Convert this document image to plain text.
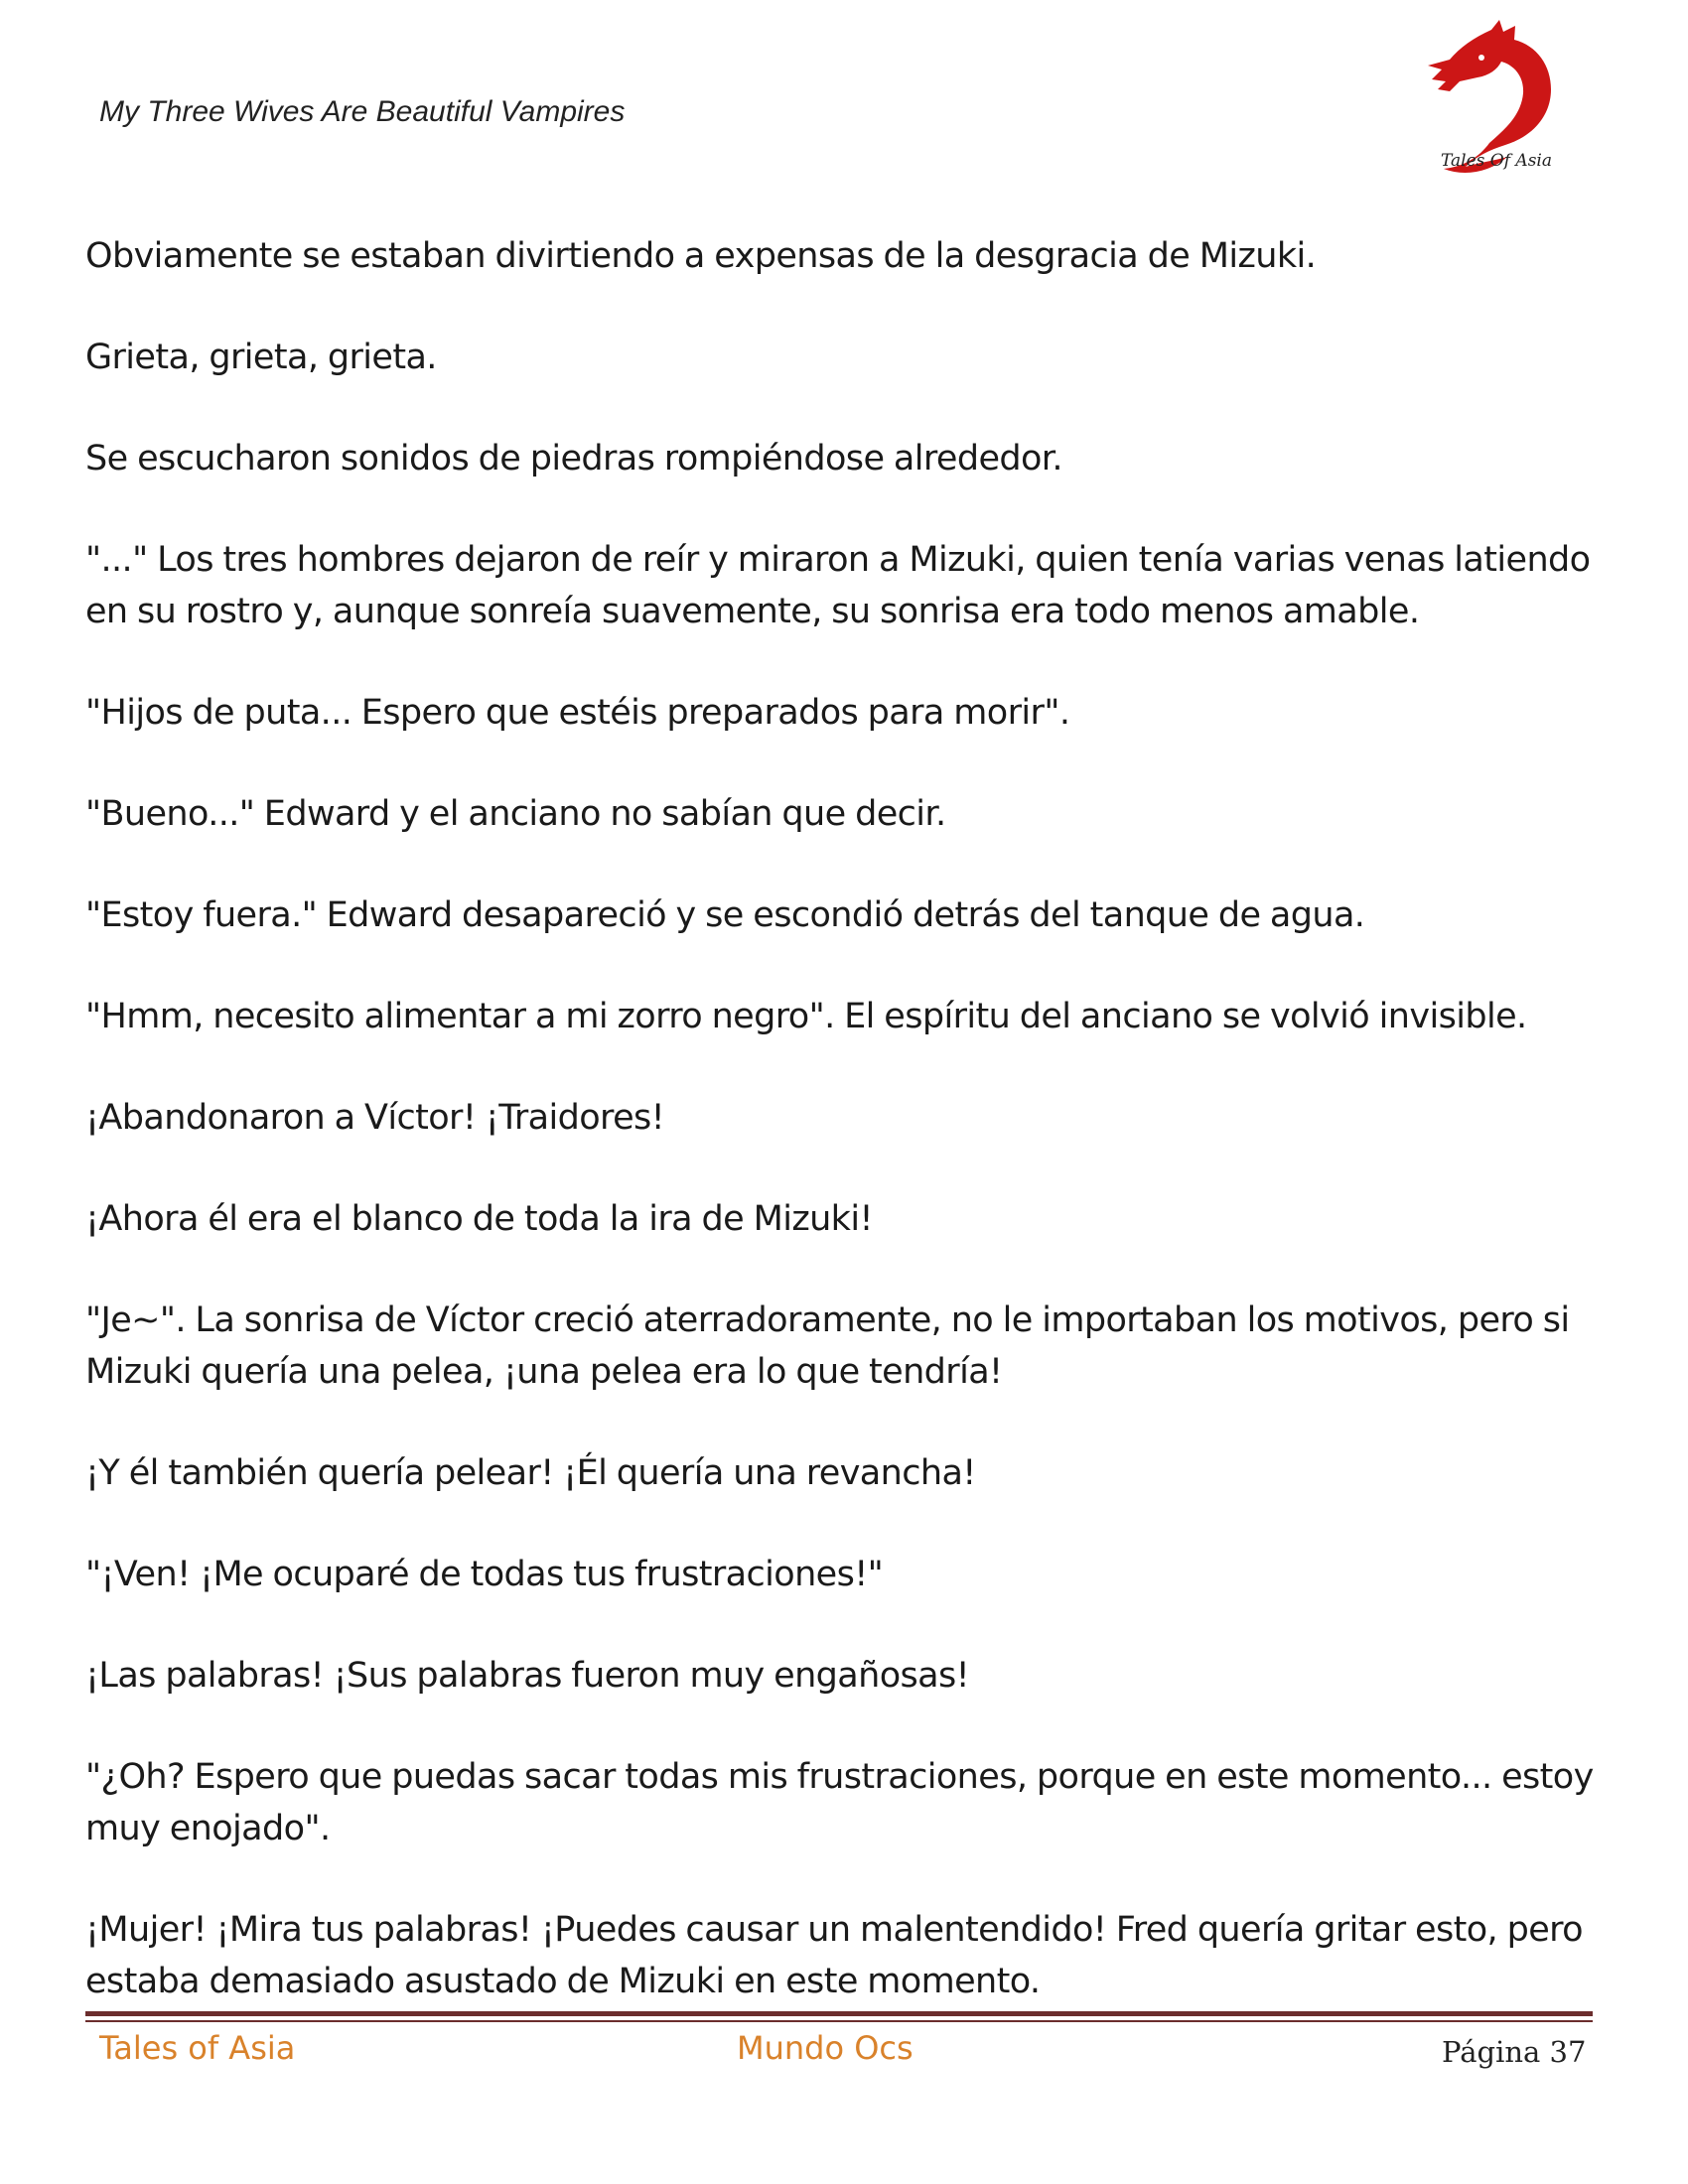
My Three Wives Are Beautiful Vampires
Tales Of Asia

Obviamente se estaban divirtiendo a expensas de la desgracia de Mizuki.

Grieta, grieta, grieta.

Se escucharon sonidos de piedras rompiéndose alrededor.

"..." Los tres hombres dejaron de reír y miraron a Mizuki, quien tenía varias venas latiendo en su rostro y, aunque sonreía suavemente, su sonrisa era todo menos amable.

"Hijos de puta... Espero que estéis preparados para morir".

"Bueno..." Edward y el anciano no sabían que decir.

"Estoy fuera." Edward desapareció y se escondió detrás del tanque de agua.

"Hmm, necesito alimentar a mi zorro negro". El espíritu del anciano se volvió invisible.

¡Abandonaron a Víctor! ¡Traidores!

¡Ahora él era el blanco de toda la ira de Mizuki!

"Je~". La sonrisa de Víctor creció aterradoramente, no le importaban los motivos, pero si Mizuki quería una pelea, ¡una pelea era lo que tendría!

¡Y él también quería pelear! ¡Él quería una revancha!

"¡Ven! ¡Me ocuparé de todas tus frustraciones!"

¡Las palabras! ¡Sus palabras fueron muy engañosas!

"¿Oh? Espero que puedas sacar todas mis frustraciones, porque en este momento... estoy muy enojado".

¡Mujer! ¡Mira tus palabras! ¡Puedes causar un malentendido! Fred quería gritar esto, pero estaba demasiado asustado de Mizuki en este momento.

Tales of Asia	Mundo Ocs	Página 37
